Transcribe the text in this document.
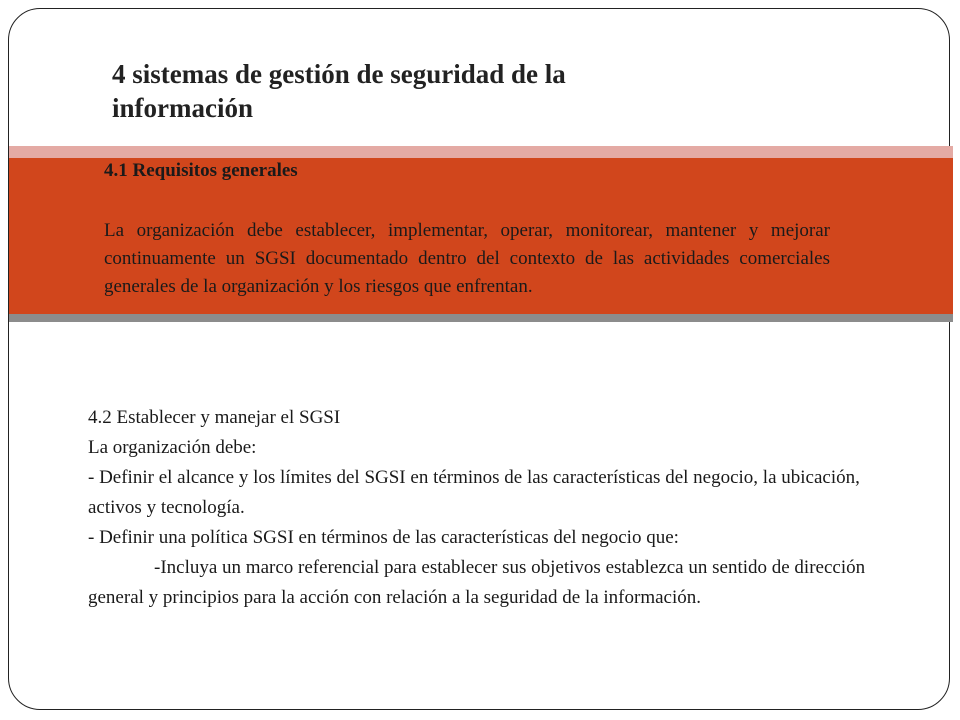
4 sistemas de gestión de seguridad de la información
4.1 Requisitos generales

La organización debe establecer, implementar, operar, monitorear, mantener y mejorar continuamente un SGSI documentado dentro del contexto de las actividades comerciales generales de la organización y los riesgos que enfrentan.

4.2 Establecer y manejar el SGSI

La organización debe:

- Definir el alcance y los límites del SGSI en términos de las características del negocio, la ubicación, activos y tecnología.

- Definir una política SGSI en términos de las características del negocio que:

-Incluya un marco referencial para establecer sus objetivos establezca un sentido de dirección general y principios para la acción con relación a la seguridad de la información.
